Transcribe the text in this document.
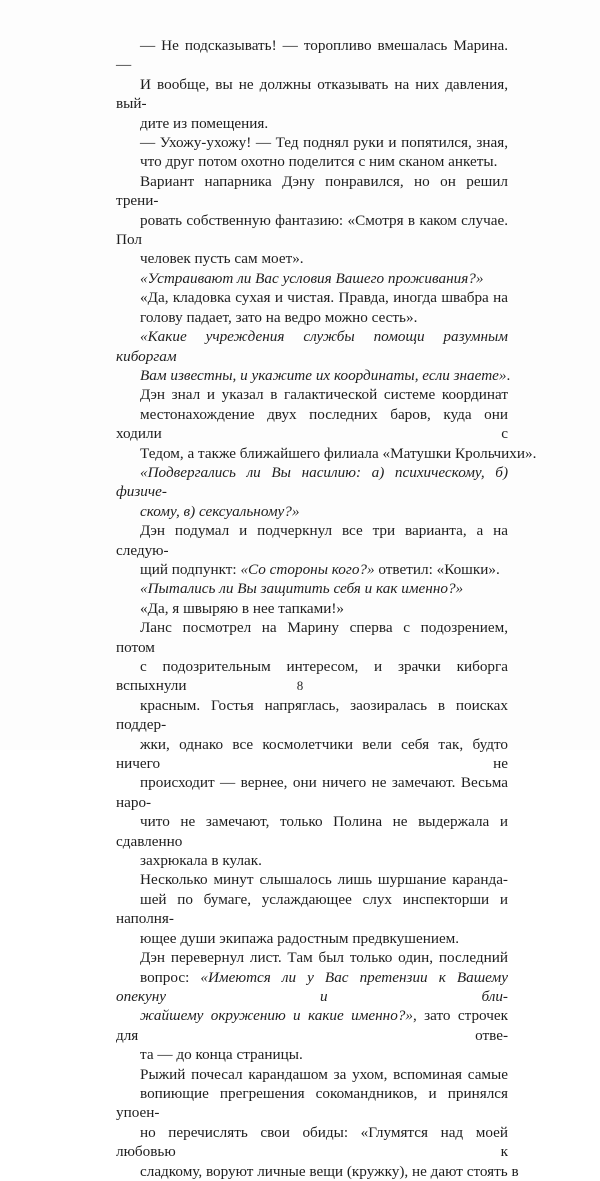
— Не подсказывать! — торопливо вмешалась Марина. —
И вообще, вы не должны отказывать на них давления, вый-
дите из помещения.

— Ухожу-ухожу! — Тед поднял руки и попятился, зная,
что друг потом охотно поделится с ним сканом анкеты.

Вариант напарника Дэну понравился, но он решил трени-
ровать собственную фантазию: «Смотря в каком случае. Пол
человек пусть сам моет».

«Устраивают ли Вас условия Вашего проживания?»

«Да, кладовка сухая и чистая. Правда, иногда швабра на
голову падает, зато на ведро можно сесть».

«Какие учреждения службы помощи разумным киборгам
Вам известны, и укажите их координаты, если знаете».

Дэн знал и указал в галактической системе координат
местонахождение двух последних баров, куда они ходили с
Тедом, а также ближайшего филиала «Матушки Крольчихи».

«Подвергались ли Вы насилию: а) психическому, б) физиче-
скому, в) сексуальному?»

Дэн подумал и подчеркнул все три варианта, а на следую-
щий подпункт: «Со стороны кого?» ответил: «Кошки».

«Пытались ли Вы защитить себя и как именно?»

«Да, я швыряю в нее тапками!»

Ланс посмотрел на Марину сперва с подозрением, потом
с подозрительным интересом, и зрачки киборга вспыхнули
красным. Гостья напряглась, заозиралась в поисках поддер-
жки, однако все космолетчики вели себя так, будто ничего не
происходит — вернее, они ничего не замечают. Весьма наро-
чито не замечают, только Полина не выдержала и сдавленно
захрюкала в кулак.

Несколько минут слышалось лишь шуршание каранда-
шей по бумаге, услаждающее слух инспекторши и наполня-
ющее души экипажа радостным предвкушением.

Дэн перевернул лист. Там был только один, последний
вопрос: «Имеются ли у Вас претензии к Вашему опекуну и бли-
жайшему окружению и какие именно?», зато строчек для отве-
та — до конца страницы.

Рыжий почесал карандашом за ухом, вспоминая самые
вопиющие прегрешения сокомандников, и принялся упоен-
но перечислять свои обиды: «Глумятся над моей любовью к
сладкому, воруют личные вещи (кружку), не дают стоять в

8
